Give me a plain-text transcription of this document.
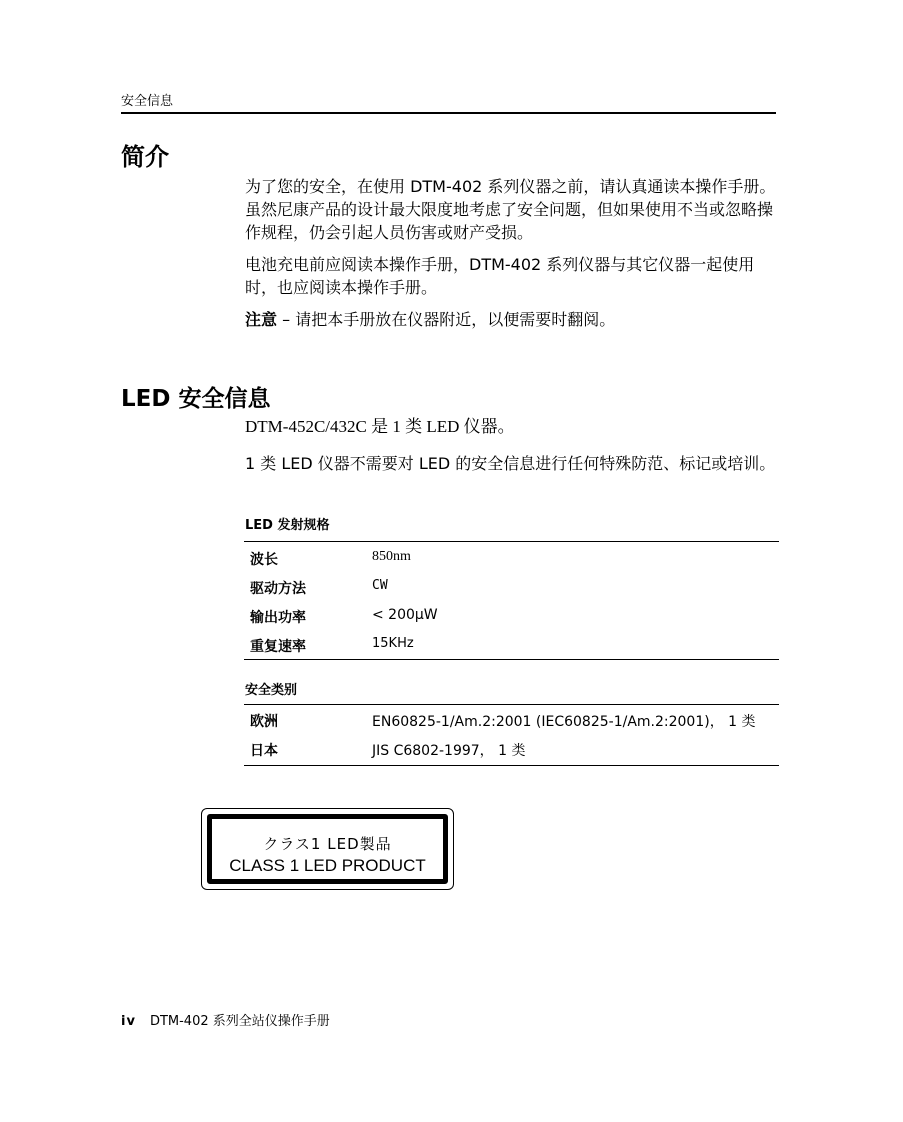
安全信息
简介
为了您的安全，在使用 DTM-402 系列仪器之前，请认真通读本操作手册。虽然尼康产品的设计最大限度地考虑了安全问题，但如果使用不当或忽略操作规程，仍会引起人员伤害或财产受损。
电池充电前应阅读本操作手册，DTM-402 系列仪器与其它仪器一起使用时，也应阅读本操作手册。
注意 – 请把本手册放在仪器附近，以便需要时翻阅。
LED 安全信息
DTM-452C/432C 是 1 类 LED 仪器。
1 类 LED 仪器不需要对 LED 的安全信息进行任何特殊防范、标记或培训。
LED 发射规格
波长	850nm
驱动方法	CW
输出功率	< 200µW
重复速率	15KHz
安全类别
欧洲	EN60825-1/Am.2:2001 (IEC60825-1/Am.2:2001)， 1 类
日本	JIS C6802-1997， 1 类
クラス1 LED製品
CLASS 1 LED PRODUCT
iv DTM-402 系列全站仪操作手册
